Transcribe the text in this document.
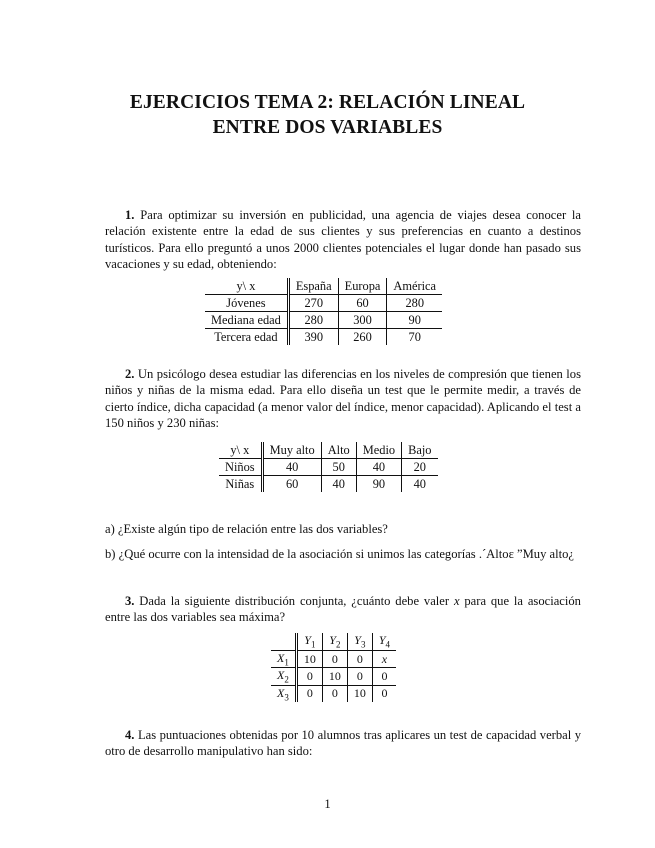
EJERCICIOS TEMA 2: RELACIÓN LINEAL
ENTRE DOS VARIABLES
1. Para optimizar su inversión en publicidad, una agencia de viajes desea conocer la relación existente entre la edad de sus clientes y sus preferencias en cuanto a destinos turísticos. Para ello preguntó a unos 2000 clientes potenciales el lugar donde han pasado sus vacaciones y su edad, obteniendo:
y\ x	España	Europa	América
Jóvenes	270	60	280
Mediana edad	280	300	90
Tercera edad	390	260	70
2. Un psicólogo desea estudiar las diferencias en los niveles de compresión que tienen los niños y niñas de la misma edad. Para ello diseña un test que le permite medir, a través de cierto índice, dicha capacidad (a menor valor del índice, menor capacidad). Aplicando el test a 150 niños y 230 niñas:
y\ x	Muy alto	Alto	Medio	Bajo
Niños	40	50	40	20
Niñas	60	40	90	40
a) ¿Existe algún tipo de relación entre las dos variables?
b) ¿Qué ocurre con la intensidad de la asociación si unimos las categorías .´Altoε ”Muy alto¿
3. Dada la siguiente distribución conjunta, ¿cuánto debe valer x para que la asociación entre las dos variables sea máxima?
	$Y_1$	$Y_2$	$Y_3$	$Y_4$
$X_1$	10	0	0	x
$X_2$	0	10	0	0
$X_3$	0	0	10	0
4. Las puntuaciones obtenidas por 10 alumnos tras aplicares un test de capacidad verbal y otro de desarrollo manipulativo han sido:
1
